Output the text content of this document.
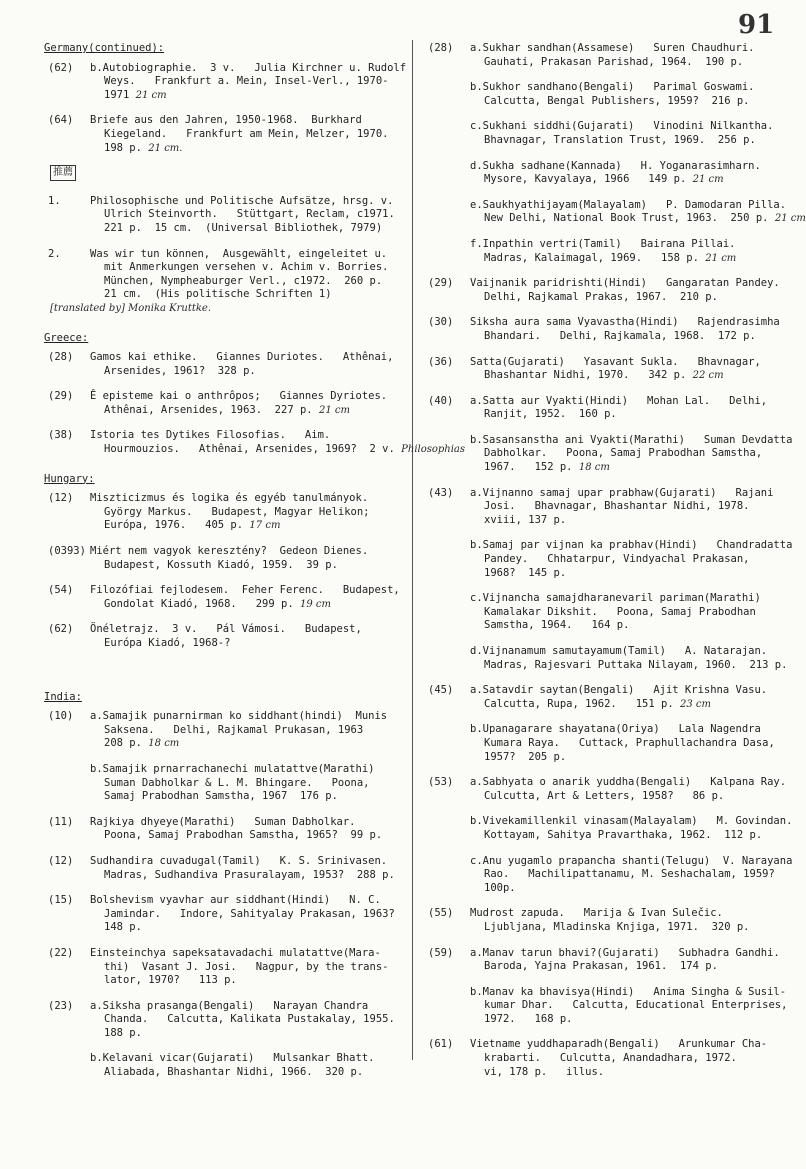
91

Germany(continued):

(62)	b.Autobiographie.  3 v.   Julia Kirchner u. Rudolf
Weys.   Frankfurt a. Mein, Insel-Verl., 1970-
1971  21 cm
(64)	Briefe aus den Jahren, 1950-1968.  Burkhard
Kiegeland.   Frankfurt am Mein, Melzer, 1970.
198 p.  21 cm.
推薦
1.	Philosophische und Politische Aufsätze, hrsg. v.
Ulrich Steinvorth.   Stüttgart, Reclam, c1971.
221 p.  15 cm.  (Universal Bibliothek, 7979)
2.	Was wir tun können,  Ausgewählt, eingeleitet u.
mit Anmerkungen versehen v. Achim v. Borries.
München, Nympheaburger Verl., c1972.  260 p.
21 cm.  (His politische Schriften 1)
[translated by] Monika Kruttke.

Greece:

(28)	Gamos kai ethike.   Giannes Duriotes.   Athênai,
Arsenides, 1961?  328 p.
(29)	Ê episteme kai o anthrôpos;   Giannes Dyriotes.
Athênai, Arsenides, 1963.  227 p.  21 cm
(38)	Istoria tes Dytikes Filosofias.   Aim.
Hourmouzios.   Athênai, Arsenides, 1969?  2 v.  Philosophias

Hungary:

(12)	Miszticizmus és logika és egyéb tanulmányok.
György Markus.   Budapest, Magyar Helikon;
Európa, 1976.   405 p.  17 cm
(0393) Miért nem vagyok keresztény?  Gedeon Dienes.
Budapest, Kossuth Kiadó, 1959.  39 p.
(54)	Filozófiai fejlodesem.  Feher Ferenc.   Budapest,
Gondolat Kiadó, 1968.   299 p.  19 cm
(62)	Önéletrajz.  3 v.   Pál Vámosi.   Budapest,
Európa Kiadó, 1968-?

India:

(10)	a.Samajik punarnirman ko siddhant(hindi)  Munis
Saksena.   Delhi, Rajkamal Prukasan, 1963
208 p.  18 cm
b.Samajik prnarrachanechi mulatattve(Marathi)
Suman Dabholkar & L. M. Bhingare.   Poona,
Samaj Prabodhan Samstha, 1967  176 p.
(11)	Rajkiya dhyeye(Marathi)   Suman Dabholkar.
Poona, Samaj Prabodhan Samstha, 1965?  99 p.
(12)	Sudhandira cuvadugal(Tamil)   K. S. Srinivasen.
Madras, Sudhandiva Prasuralayam, 1953?  288 p.
(15)	Bolshevism vyavhar aur siddhant(Hindi)   N. C.
Jamindar.   Indore, Sahityalay Prakasan, 1963?
148 p.
(22)	Einsteinchya sapeksatavadachi mulatattve(Mara-
thi)  Vasant J. Josi.   Nagpur, by the trans-
lator, 1970?   113 p.
(23)	a.Siksha prasanga(Bengali)   Narayan Chandra
Chanda.   Calcutta, Kalikata Pustakalay, 1955.
188 p.
b.Kelavani vicar(Gujarati)   Mulsankar Bhatt.
Aliabada, Bhashantar Nidhi, 1966.  320 p.
(28)	a.Sukhar sandhan(Assamese)   Suren Chaudhuri.
Gauhati, Prakasan Parishad, 1964.  190 p.
b.Sukhor sandhano(Bengali)   Parimal Goswami.
Calcutta, Bengal Publishers, 1959?  216 p.
c.Sukhani siddhi(Gujarati)   Vinodini Nilkantha.
Bhavnagar, Translation Trust, 1969.  256 p.
d.Sukha sadhane(Kannada)   H. Yoganarasimharn.
Mysore, Kavyalaya, 1966   149 p.  21 cm
e.Saukhyathijayam(Malayalam)   P. Damodaran Pilla.
New Delhi, National Book Trust, 1963.  250 p.  21 cm
f.Inpathin vertri(Tamil)   Bairana Pillai.
Madras, Kalaimagal, 1969.   158 p.  21 cm
(29)	Vaijnanik paridrishti(Hindi)   Gangaratan Pandey.
Delhi, Rajkamal Prakas, 1967.  210 p.
(30)	Siksha aura sama Vyavastha(Hindi)   Rajendrasimha
Bhandari.   Delhi, Rajkamala, 1968.  172 p.
(36)	Satta(Gujarati)   Yasavant Sukla.   Bhavnagar,
Bhashantar Nidhi, 1970.   342 p.  22 cm
(40)	a.Satta aur Vyakti(Hindi)   Mohan Lal.   Delhi,
Ranjit, 1952.  160 p.
b.Sasansanstha ani Vyakti(Marathi)   Suman Devdatta
Dabholkar.   Poona, Samaj Prabodhan Samstha,
1967.   152 p.  18 cm
(43)	a.Vijnanno samaj upar prabhaw(Gujarati)   Rajani
Josi.   Bhavnagar, Bhashantar Nidhi, 1978.
xviii, 137 p.
b.Samaj par vijnan ka prabhav(Hindi)   Chandradatta
Pandey.   Chhatarpur, Vindyachal Prakasan,
1968?  145 p.
c.Vijnancha samajdharanevaril pariman(Marathi)
Kamalakar Dikshit.   Poona, Samaj Prabodhan
Samstha, 1964.   164 p.
d.Vijnanamum samutayamum(Tamil)   A. Natarajan.
Madras, Rajesvari Puttaka Nilayam, 1960.  213 p.
(45)	a.Satavdir saytan(Bengali)   Ajit Krishna Vasu.
Calcutta, Rupa, 1962.   151 p.  23 cm
b.Upanagarare shayatana(Oriya)   Lala Nagendra
Kumara Raya.   Cuttack, Praphullachandra Dasa,
1957?  205 p.
(53)	a.Sabhyata o anarik yuddha(Bengali)   Kalpana Ray.
Culcutta, Art & Letters, 1958?   86 p.
b.Vivekamillenkil vinasam(Malayalam)   M. Govindan.
Kottayam, Sahitya Pravarthaka, 1962.  112 p.
c.Anu yugamlo prapancha shanti(Telugu)  V. Narayana
Rao.   Machilipattanamu, M. Seshachalam, 1959?
100p.
(55)	Mudrost zapuda.   Marija & Ivan Sulečic.
Ljubljana, Mladinska Knjiga, 1971.  320 p.
(59)	a.Manav tarun bhavi?(Gujarati)   Subhadra Gandhi.
Baroda, Yajna Prakasan, 1961.  174 p.
b.Manav ka bhavisya(Hindi)   Anima Singha & Susil-
kumar Dhar.   Calcutta, Educational Enterprises,
1972.   168 p.
(61)	Vietname yuddhaparadh(Bengali)   Arunkumar Cha-
krabarti.   Culcutta, Anandadhara, 1972.
vi, 178 p.   illus.
